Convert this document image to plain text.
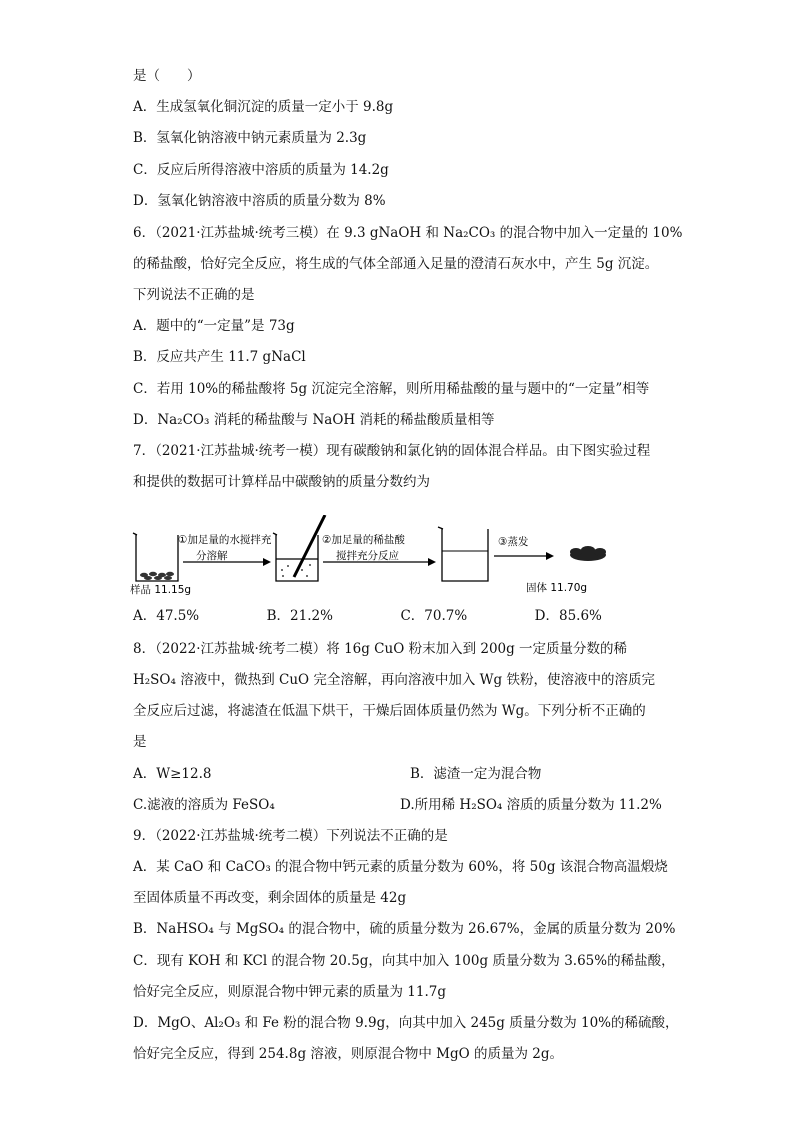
是（　　）
A．生成氢氧化铜沉淀的质量一定小于 9.8g
B．氢氧化钠溶液中钠元素质量为 2.3g
C．反应后所得溶液中溶质的质量为 14.2g
D．氢氧化钠溶液中溶质的质量分数为 8%
6．（2021·江苏盐城·统考三模）在 9.3 gNaOH 和 Na₂CO₃ 的混合物中加入一定量的 10%
的稀盐酸，恰好完全反应，将生成的气体全部通入足量的澄清石灰水中，产生 5g 沉淀。
下列说法不正确的是
A．题中的“一定量”是 73g
B．反应共产生 11.7 gNaCl
C．若用 10%的稀盐酸将 5g 沉淀完全溶解，则所用稀盐酸的量与题中的“一定量”相等
D．Na₂CO₃ 消耗的稀盐酸与 NaOH 消耗的稀盐酸质量相等
7．（2021·江苏盐城·统考一模）现有碳酸钠和氯化钠的固体混合样品。由下图实验过程
和提供的数据可计算样品中碳酸钠的质量分数约为
样品 11.15g
①加足量的水搅拌充
分溶解
②加足量的稀盐酸
搅拌充分反应
③蒸发
固体 11.70g
A．47.5%　　　　　B．21.2%　　　　　C．70.7%　　　　　D．85.6%
8．（2022·江苏盐城·统考二模）将 16g CuO 粉末加入到 200g 一定质量分数的稀
H₂SO₄ 溶液中，微热到 CuO 完全溶解，再向溶液中加入 Wg 铁粉，使溶液中的溶质完
全反应后过滤，将滤渣在低温下烘干，干燥后固体质量仍然为 Wg。下列分析不正确的
是
A．W≥12.8	B．滤渣一定为混合物
C.滤液的溶质为 FeSO₄	D.所用稀 H₂SO₄ 溶质的质量分数为 11.2%
9．（2022·江苏盐城·统考二模）下列说法不正确的是
A．某 CaO 和 CaCO₃ 的混合物中钙元素的质量分数为 60%，将 50g 该混合物高温煅烧
至固体质量不再改变，剩余固体的质量是 42g
B．NaHSO₄ 与 MgSO₄ 的混合物中，硫的质量分数为 26.67%，金属的质量分数为 20%
C．现有 KOH 和 KCl 的混合物 20.5g，向其中加入 100g 质量分数为 3.65%的稀盐酸，
恰好完全反应，则原混合物中钾元素的质量为 11.7g
D．MgO、Al₂O₃ 和 Fe 粉的混合物 9.9g，向其中加入 245g 质量分数为 10%的稀硫酸，
恰好完全反应，得到 254.8g 溶液，则原混合物中 MgO 的质量为 2g。
